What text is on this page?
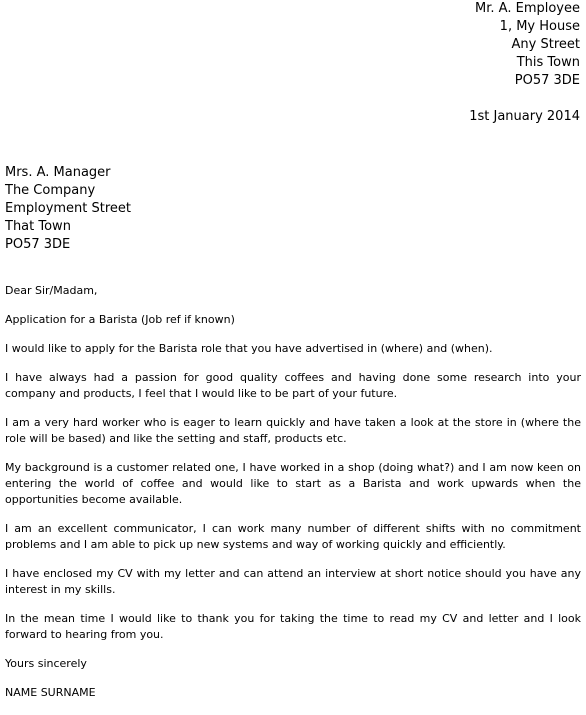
Mr. A. Employee
1, My House
Any Street
This Town
PO57 3DE
1st January 2014
Mrs. A. Manager
The Company
Employment Street
That Town
PO57 3DE

Dear Sir/Madam,

Application for a Barista (Job ref if known)

I would like to apply for the Barista role that you have advertised in (where) and (when).

I have always had a passion for good quality coffees and having done some research into your company and products, I feel that I would like to be part of your future.

I am a very hard worker who is eager to learn quickly and have taken a look at the store in (where the role will be based) and like the setting and staff, products etc.

My background is a customer related one, I have worked in a shop (doing what?) and I am now keen on entering the world of coffee and would like to start as a Barista and work upwards when the opportunities become available.

I am an excellent communicator, I can work many number of different shifts with no commitment problems and I am able to pick up new systems and way of working quickly and efficiently.

I have enclosed my CV with my letter and can attend an interview at short notice should you have any interest in my skills.

In the mean time I would like to thank you for taking the time to read my CV and letter and I look forward to hearing from you.

Yours sincerely

NAME SURNAME
